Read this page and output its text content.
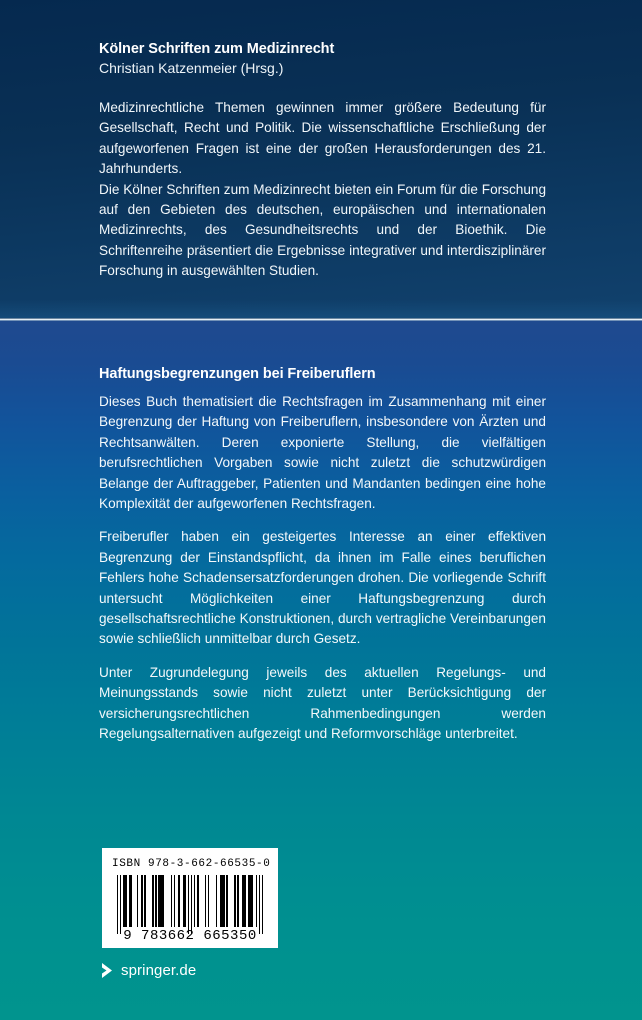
Kölner Schriften zum Medizinrecht
Christian Katzenmeier (Hrsg.)

Medizinrechtliche Themen gewinnen immer größere Bedeutung für Gesellschaft, Recht und Politik. Die wissenschaftliche Erschließung der aufgeworfenen Fragen ist eine der großen Herausforderungen des 21. Jahrhunderts.

Die Kölner Schriften zum Medizinrecht bieten ein Forum für die Forschung auf den Gebieten des deutschen, europäischen und internationalen Medizinrechts, des Gesundheitsrechts und der Bioethik. Die Schriftenreihe präsentiert die Ergebnisse integrativer und interdisziplinärer Forschung in ausgewählten Studien.

Haftungsbegrenzungen bei Freiberuflern

Dieses Buch thematisiert die Rechtsfragen im Zusammenhang mit einer Begrenzung der Haftung von Freiberuflern, insbesondere von Ärzten und Rechtsanwälten. Deren exponierte Stellung, die vielfältigen berufsrechtlichen Vorgaben sowie nicht zuletzt die schutzwürdigen Belange der Auftraggeber, Patienten und Mandanten bedingen eine hohe Komplexität der aufgeworfenen Rechtsfragen.

Freiberufler haben ein gesteigertes Interesse an einer effektiven Begrenzung der Einstandspflicht, da ihnen im Falle eines beruflichen Fehlers hohe Schadensersatzforderungen drohen. Die vorliegende Schrift untersucht Möglichkeiten einer Haftungsbegrenzung durch gesellschaftsrechtliche Konstruktionen, durch vertragliche Vereinbarungen sowie schließlich unmittelbar durch Gesetz.

Unter Zugrundelegung jeweils des aktuellen Regelungs- und Meinungsstands sowie nicht zuletzt unter Berücksichtigung der versicherungsrechtlichen Rahmenbedingungen werden Regelungsalternativen aufgezeigt und Reformvorschläge unterbreitet.

ISBN 978-3-662-66535-0
9 783662 665350
springer.de
